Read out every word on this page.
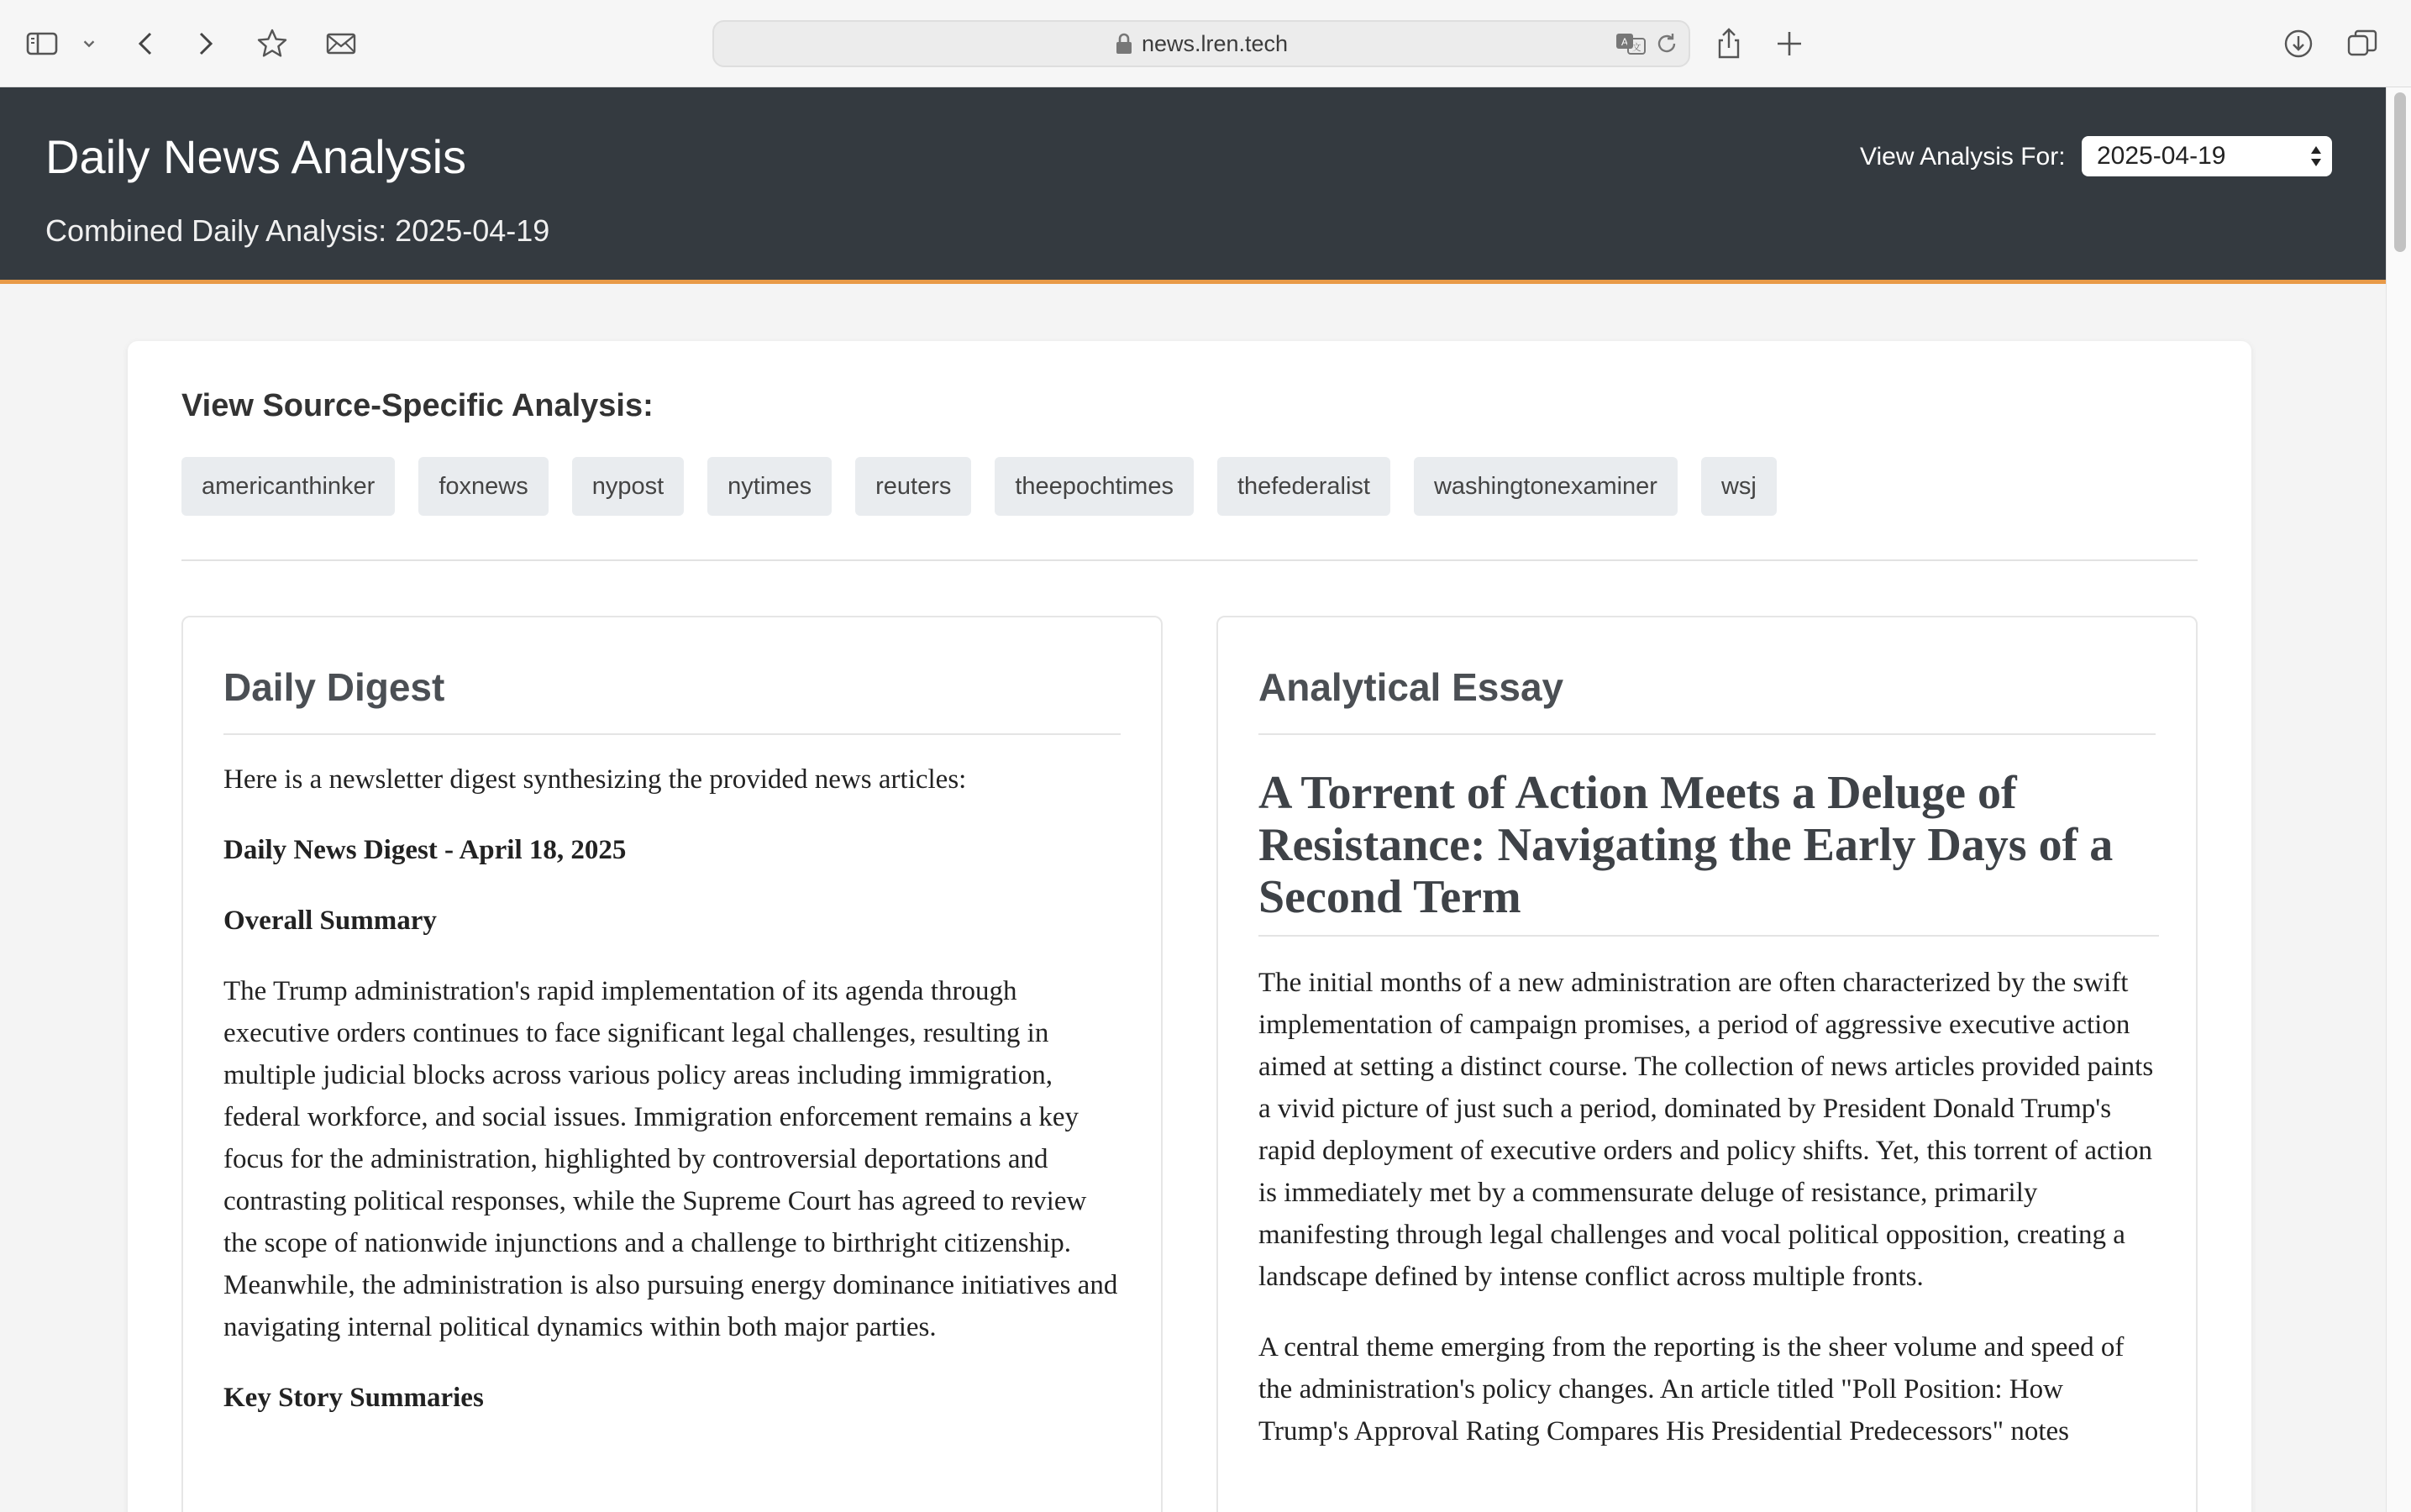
news.lren.tech	A 文
Daily News Analysis
Combined Daily Analysis: 2025-04-19
View Analysis For:	2025-04-19
View Source-Specific Analysis:
americanthinker	foxnews	nypost	nytimes	reuters	theepochtimes	thefederalist	washingtonexaminer	wsj
Daily Digest

Here is a newsletter digest synthesizing the provided news articles:

Daily News Digest - April 18, 2025

Overall Summary

The Trump administration's rapid implementation of its agenda through executive orders continues to face significant legal challenges, resulting in multiple judicial blocks across various policy areas including immigration, federal workforce, and social issues. Immigration enforcement remains a key focus for the administration, highlighted by controversial deportations and contrasting political responses, while the Supreme Court has agreed to review the scope of nationwide injunctions and a challenge to birthright citizenship. Meanwhile, the administration is also pursuing energy dominance initiatives and navigating internal political dynamics within both major parties.

Key Story Summaries

Analytical Essay
A Torrent of Action Meets a Deluge of Resistance: Navigating the Early Days of a Second Term

The initial months of a new administration are often characterized by the swift implementation of campaign promises, a period of aggressive executive action aimed at setting a distinct course. The collection of news articles provided paints a vivid picture of just such a period, dominated by President Donald Trump's rapid deployment of executive orders and policy shifts. Yet, this torrent of action is immediately met by a commensurate deluge of resistance, primarily manifesting through legal challenges and vocal political opposition, creating a landscape defined by intense conflict across multiple fronts.

A central theme emerging from the reporting is the sheer volume and speed of the administration's policy changes. An article titled "Poll Position: How Trump's Approval Rating Compares His Presidential Predecessors" notes
